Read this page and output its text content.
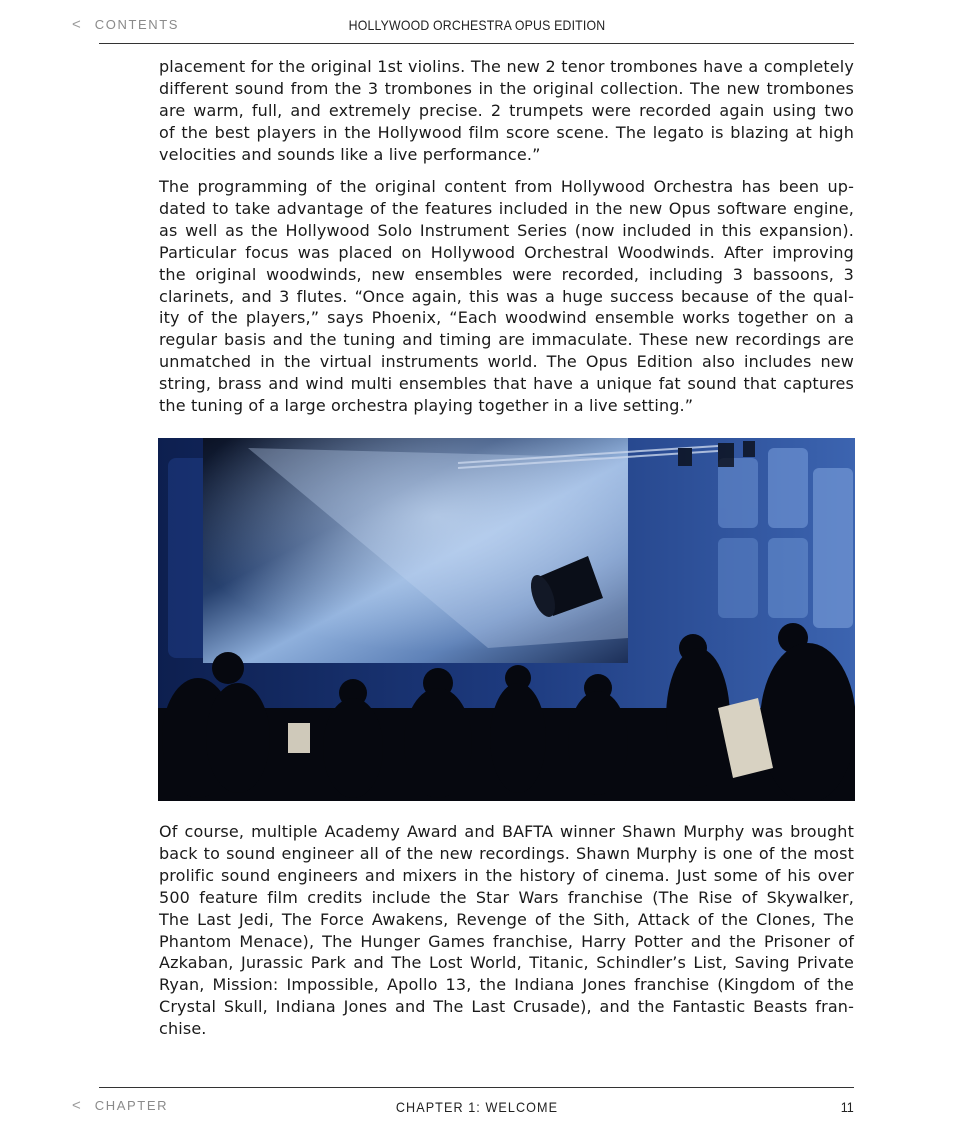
< CONTENTS	HOLLYWOOD ORCHESTRA OPUS EDITION

placement for the original 1st violins. The new 2 tenor trombones have a completely
different sound from the 3 trombones in the original collection. The new trombones
are warm, full, and extremely precise. 2 trumpets were recorded again using two
of the best players in the Hollywood film score scene. The legato is blazing at high
velocities and sounds like a live performance.”

The programming of the original content from Hollywood Orchestra has been up-
dated to take advantage of the features included in the new Opus software engine,
as well as the Hollywood Solo Instrument Series (now included in this expansion).
Particular focus was placed on Hollywood Orchestral Woodwinds. After improving
the original woodwinds, new ensembles were recorded, including 3 bassoons, 3
clarinets, and 3 flutes. “Once again, this was a huge success because of the qual-
ity of the players,” says Phoenix, “Each woodwind ensemble works together on a
regular basis and the tuning and timing are immaculate. These new recordings are
unmatched in the virtual instruments world. The Opus Edition also includes new
string, brass and wind multi ensembles that have a unique fat sound that captures
the tuning of a large orchestra playing together in a live setting.”

Of course, multiple Academy Award and BAFTA winner Shawn Murphy was brought
back to sound engineer all of the new recordings. Shawn Murphy is one of the most
prolific sound engineers and mixers in the history of cinema. Just some of his over
500 feature film credits include the Star Wars franchise (The Rise of Skywalker,
The Last Jedi, The Force Awakens, Revenge of the Sith, Attack of the Clones, The
Phantom Menace), The Hunger Games franchise, Harry Potter and the Prisoner of
Azkaban, Jurassic Park and The Lost World, Titanic, Schindler’s List, Saving Private
Ryan, Mission: Impossible, Apollo 13, the Indiana Jones franchise (Kingdom of the
Crystal Skull, Indiana Jones and The Last Crusade), and the Fantastic Beasts fran-
chise.

< CHAPTER	CHAPTER 1: WELCOME	11
